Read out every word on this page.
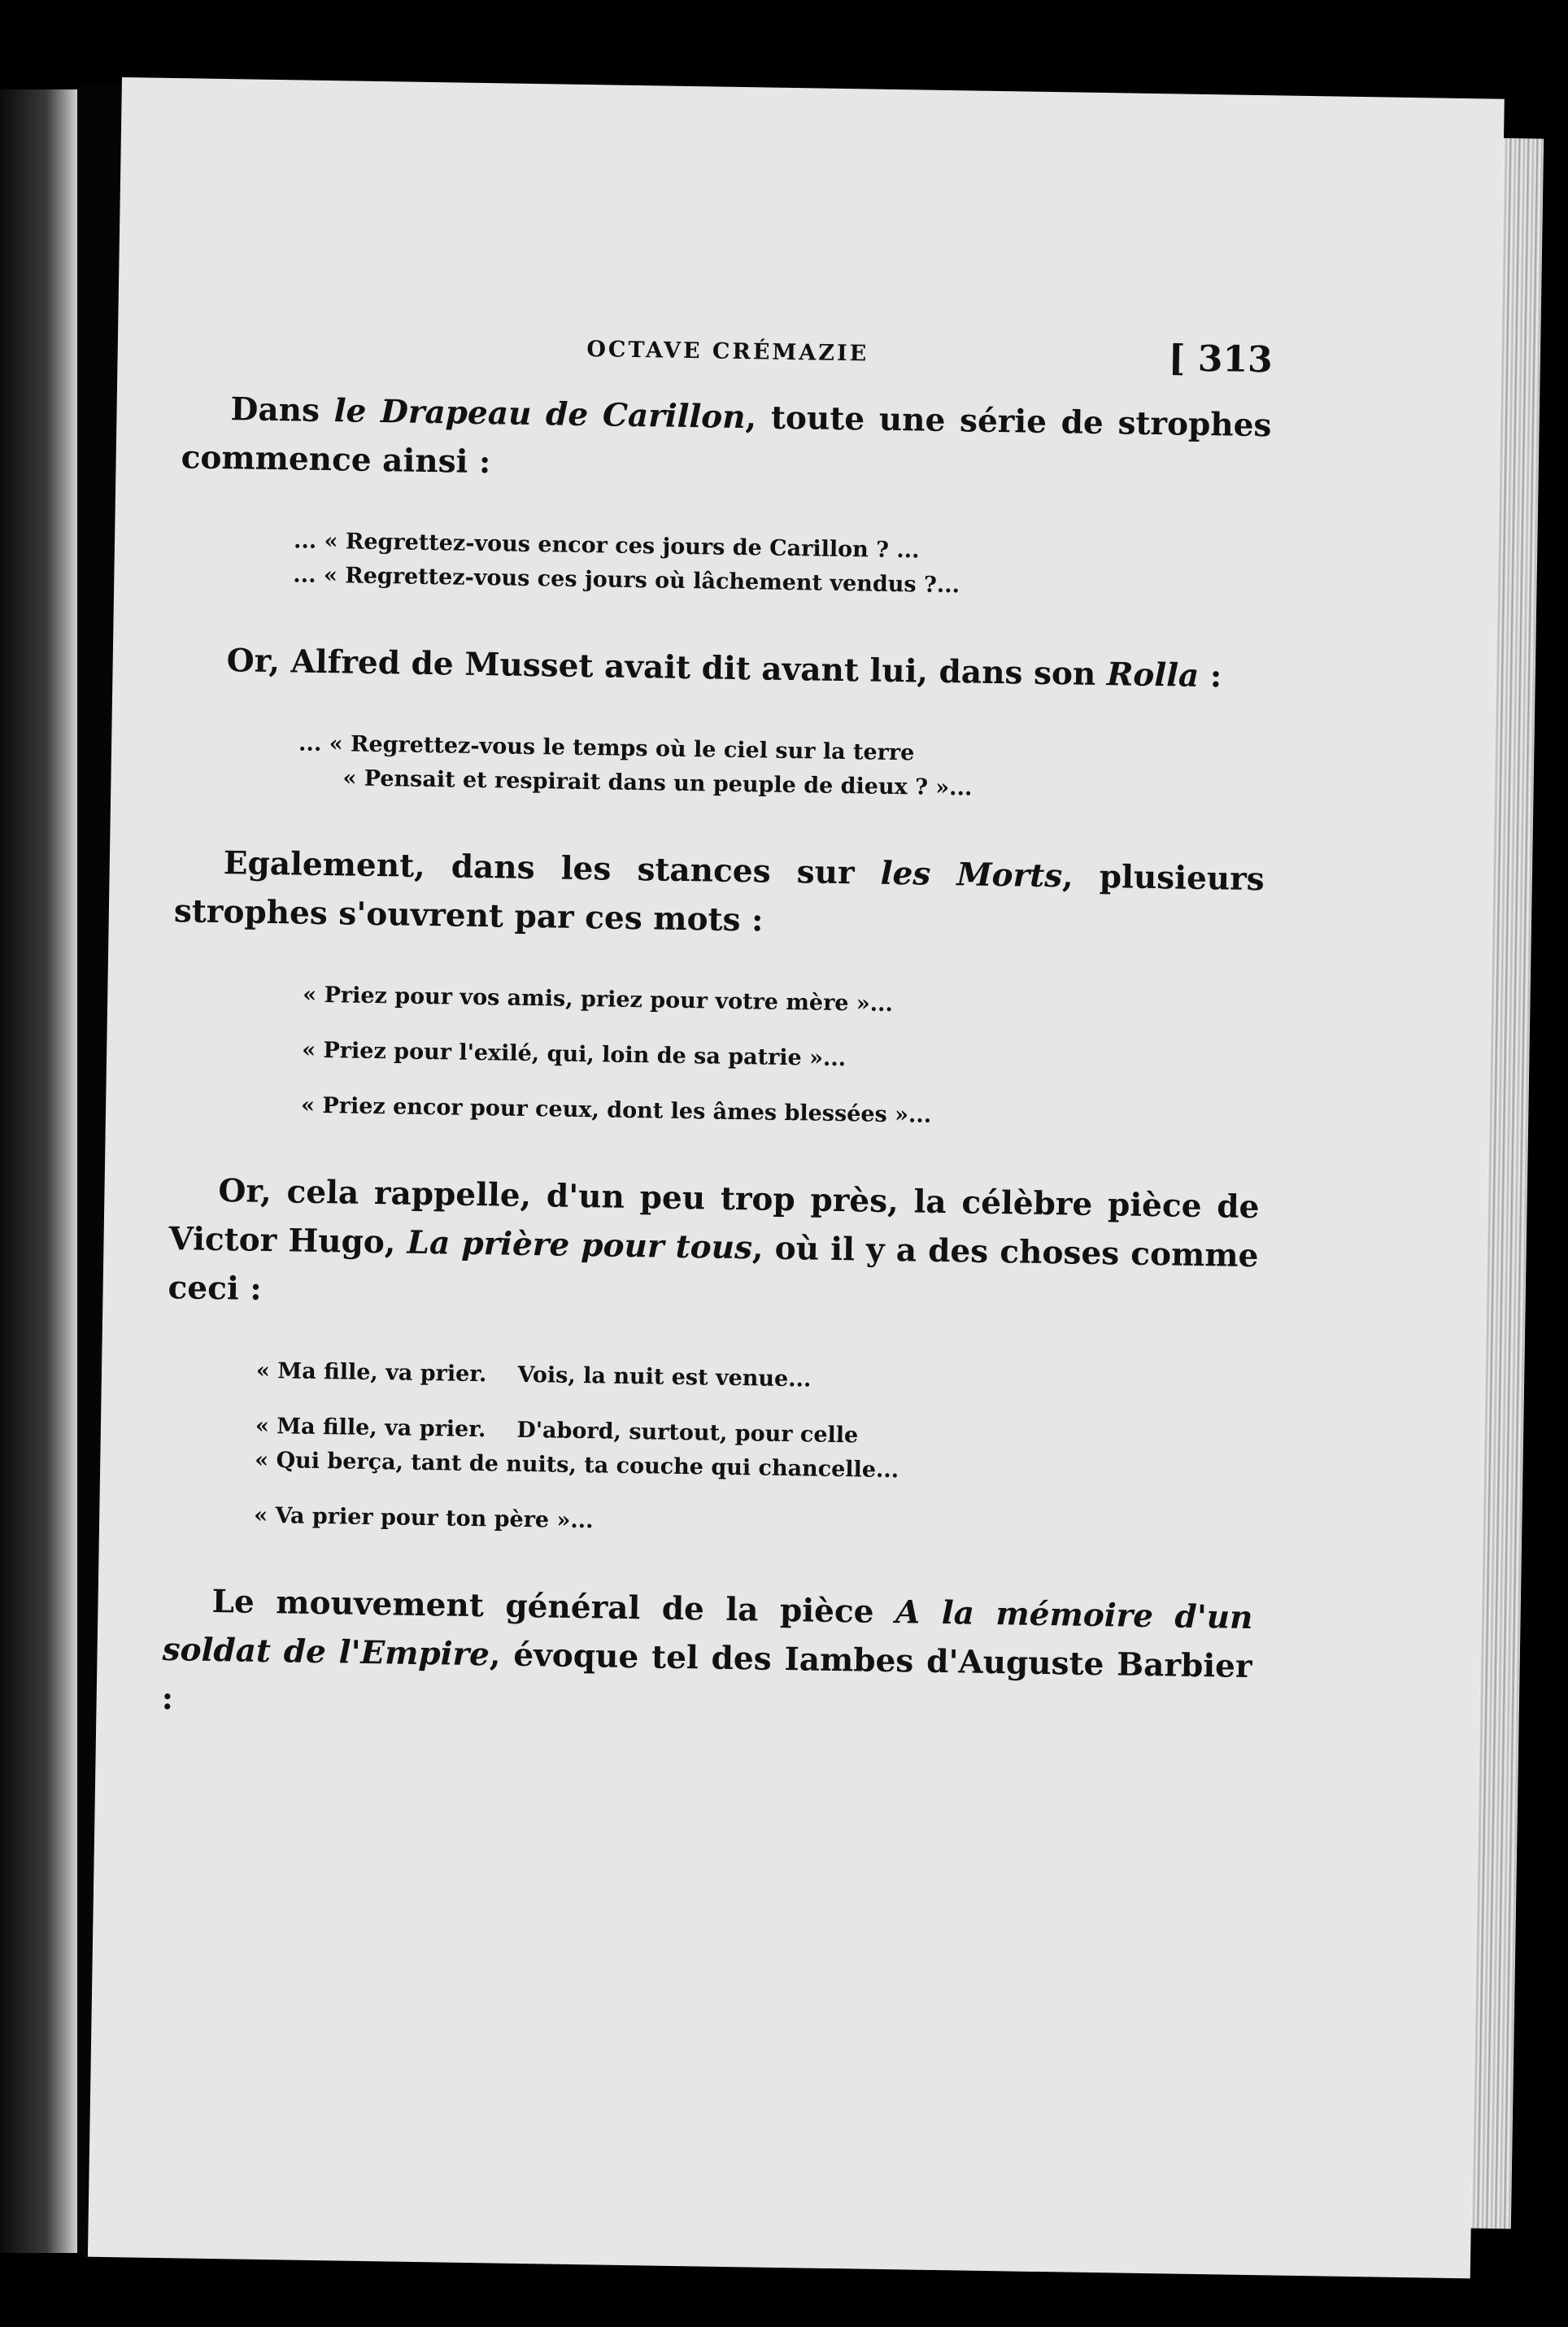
OCTAVE CRÉMAZIE	[ 313

Dans le Drapeau de Carillon, toute une série de strophes commence ainsi :

... « Regrettez-vous encor ces jours de Carillon ? ...
... « Regrettez-vous ces jours où lâchement vendus ?...

Or, Alfred de Musset avait dit avant lui, dans son Rolla :

... « Regrettez-vous le temps où le ciel sur la terre
« Pensait et respirait dans un peuple de dieux ? »...

Egalement, dans les stances sur les Morts, plusieurs strophes s'ouvrent par ces mots :

« Priez pour vos amis, priez pour votre mère »...
« Priez pour l'exilé, qui, loin de sa patrie »...
« Priez encor pour ceux, dont les âmes blessées »...

Or, cela rappelle, d'un peu trop près, la célèbre pièce de Victor Hugo, La prière pour tous, où il y a des choses comme ceci :

« Ma fille, va prier. Vois, la nuit est venue...
« Ma fille, va prier. D'abord, surtout, pour celle
« Qui berça, tant de nuits, ta couche qui chancelle...
« Va prier pour ton père »...

Le mouvement général de la pièce A la mémoire d'un soldat de l'Empire, évoque tel des Iambes d'Auguste Barbier :
